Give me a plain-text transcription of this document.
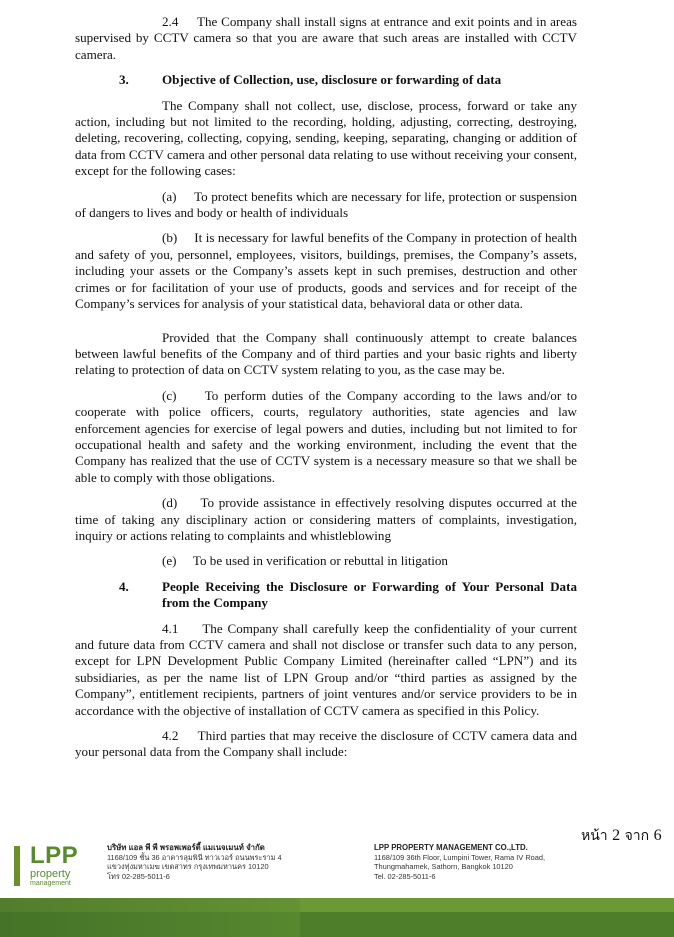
2.4     The Company shall install signs at entrance and exit points and in areas supervised by CCTV camera so that you are aware that such areas are installed with CCTV camera.

3.	Objective of Collection, use, disclosure or forwarding of data

The Company shall not collect, use, disclose, process, forward or take any action, including but not limited to the recording, holding, adjusting, correcting, destroying, deleting, recovering, collecting, copying, sending, keeping, separating, changing or addition of data from CCTV camera and other personal data relating to use without receiving your consent, except for the following cases:

(a)     To protect benefits which are necessary for life, protection or suspension of dangers to lives and body or health of individuals

(b)     It is necessary for lawful benefits of the Company in protection of health and safety of you, personnel, employees, visitors, buildings, premises, the Company’s assets, including your assets or the Company’s assets kept in such premises, destruction and other crimes or for facilitation of your use of products, goods and services and for receipt of the Company’s services for analysis of your statistical data, behavioral data or other data.

Provided that the Company shall continuously attempt to create balances between lawful benefits of the Company and of third parties and your basic rights and liberty relating to protection of data on CCTV system relating to you, as the case may be.

(c)     To perform duties of the Company according to the laws and/or to cooperate with police officers, courts, regulatory authorities, state agencies and law enforcement agencies for exercise of legal powers and duties, including but not limited to for occupational health and safety and the working environment, including the event that the Company has realized that the use of CCTV system is a necessary measure so that we shall be able to comply with those obligations.

(d)     To provide assistance in effectively resolving disputes occurred at the time of taking any disciplinary action or considering matters of complaints, investigation, inquiry or actions relating to complaints and whistleblowing

(e)     To be used in verification or rebuttal in litigation

4.	People Receiving the Disclosure or Forwarding of Your Personal Data from the Company

4.1     The Company shall carefully keep the confidentiality of your current and future data from CCTV camera and shall not disclose or transfer such data to any person, except for LPN Development Public Company Limited (hereinafter called “LPN”) and its subsidiaries, as per the name list of LPN Group and/or “third parties as assigned by the Company”, entitlement recipients, partners of joint ventures and/or service providers to be in accordance with the objective of installation of CCTV camera as specified in this Policy.

4.2     Third parties that may receive the disclosure of CCTV camera data and your personal data from the Company shall include:

หน้า 2 จาก 6
LPP
property
management
บริษัท แอล พี พี พรอพเพอร์ตี้ แมเนจเมนท์ จำกัด
1168/109 ชั้น 36 อาคารลุมพินี ทาวเวอร์ ถนนพระราม 4
แขวงทุ่งมหาเมฆ เขตสาทร กรุงเทพมหานคร 10120
โทร 02-285-5011-6
LPP PROPERTY MANAGEMENT CO.,LTD.
1168/109 36th Floor, Lumpini Tower, Rama IV Road,
Thungmahamek, Sathorn, Bangkok 10120
Tel. 02-285-5011-6
